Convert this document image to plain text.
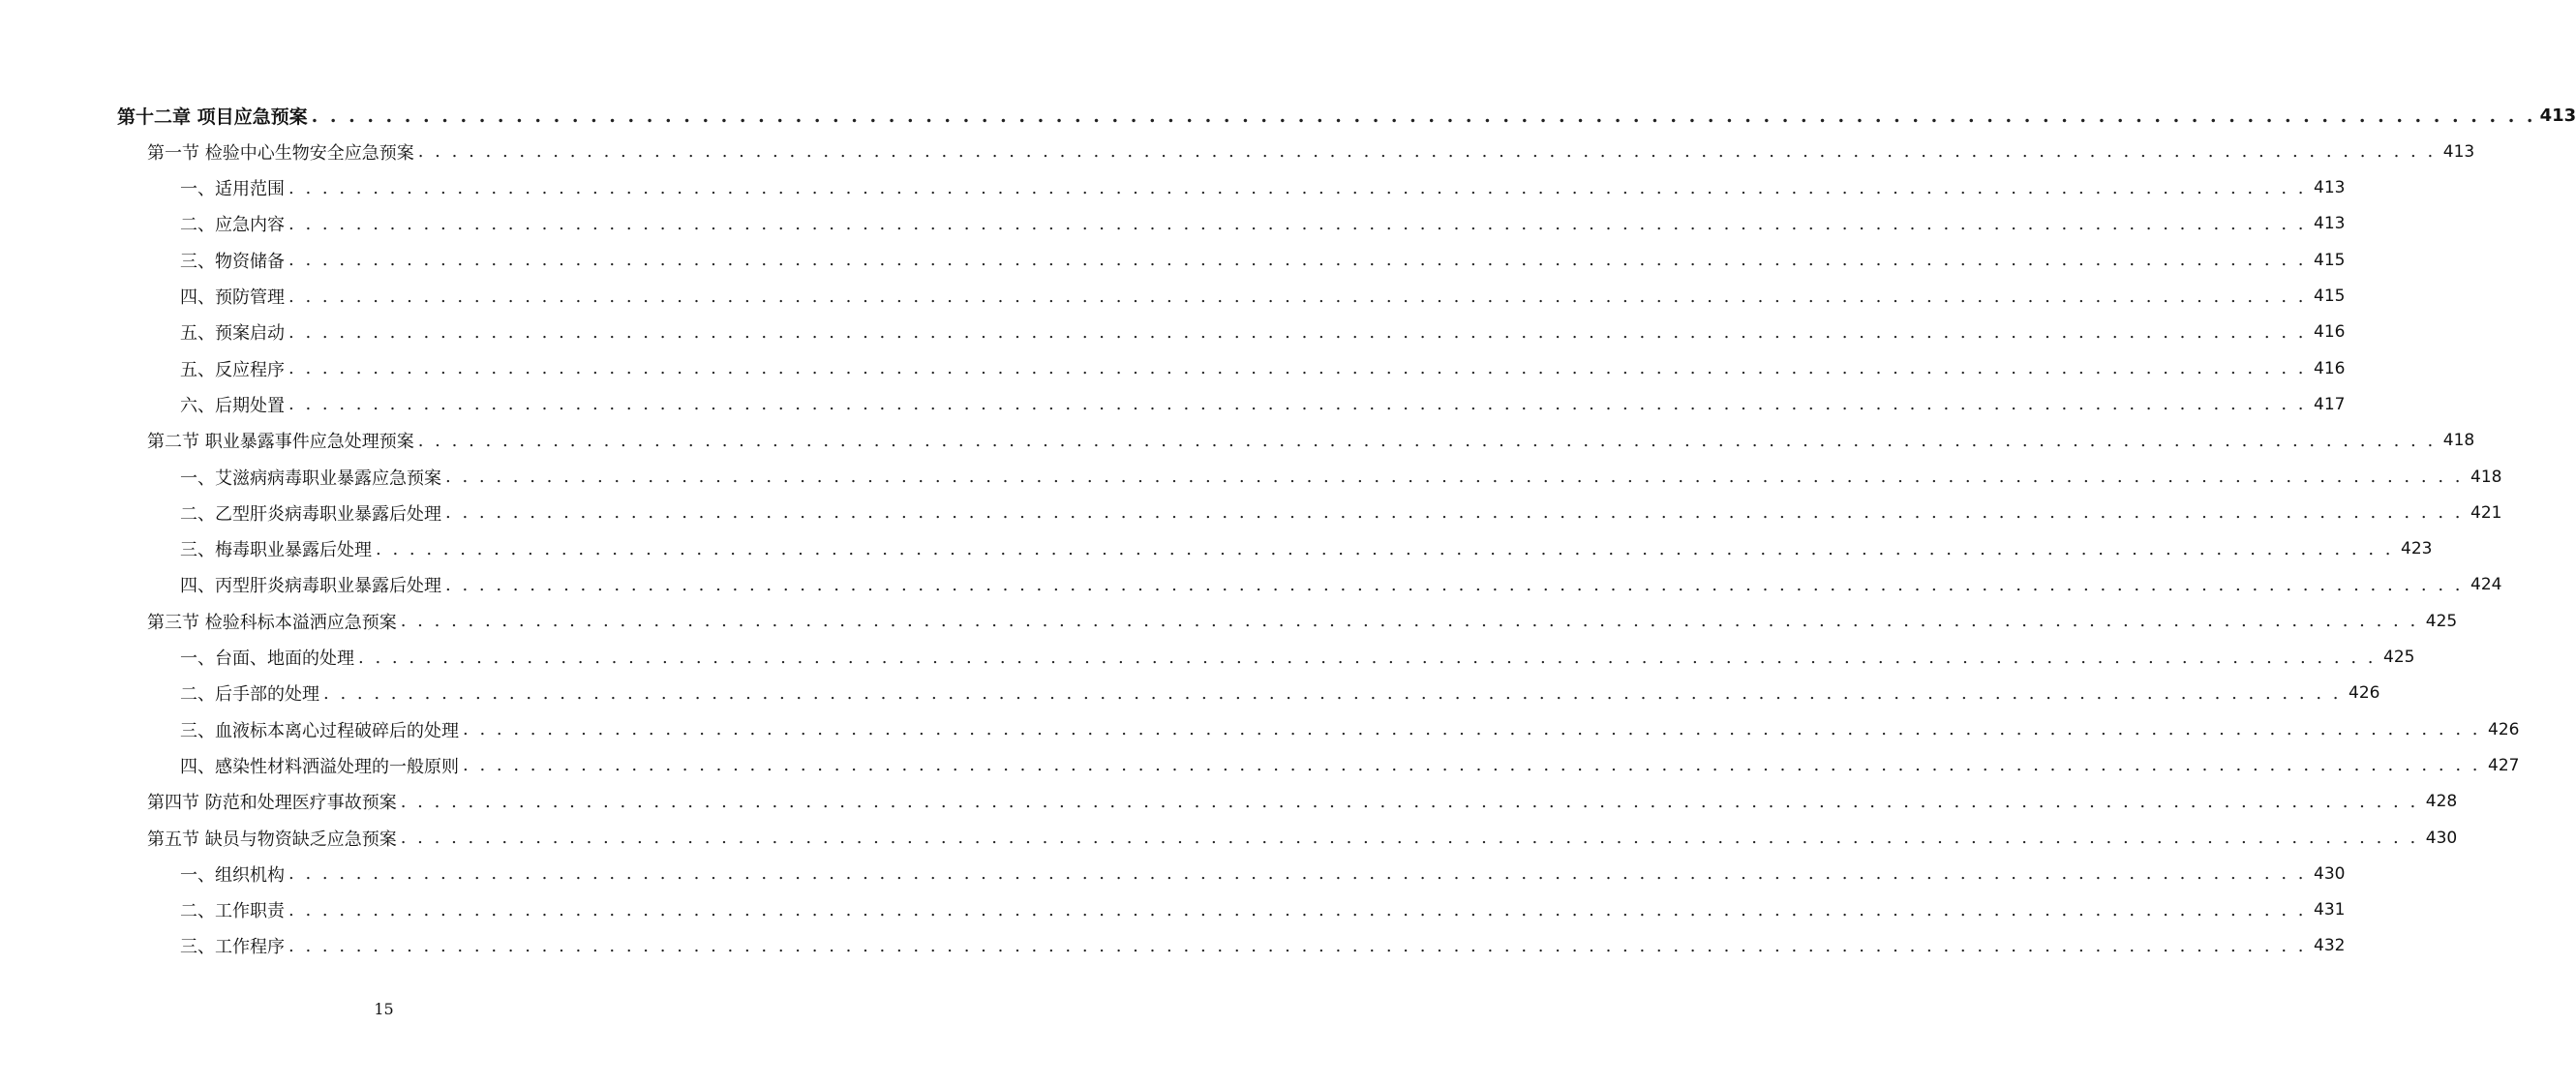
第十二章 项目应急预案 . . . . . . . . . . . . . . . . . . . . . . . . . . . . . . . . . . . . . . . . . . . . . . . . . . . . . . . . . . . . . . . . . . . . . . . . . . . . . . . . . . . . . . . . . . . . . . . . . . . . . . . . . . . . . . . . . . . . . . . . 413
第一节 检验中心生物安全应急预案 . . . . . . . . . . . . . . . . . . . . . . . . . . . . . . . . . . . . . . . . . . . . . . . . . . . . . . . . . . . . . . . . . . . . . . . . . . . . . . . . . . . . . . . . . . . . . . . . . . . . . . . . . . . . . . . . . . . . . . . . 413
一、适用范围 . . . . . . . . . . . . . . . . . . . . . . . . . . . . . . . . . . . . . . . . . . . . . . . . . . . . . . . . . . . . . . . . . . . . . . . . . . . . . . . . . . . . . . . . . . . . . . . . . . . . . . . . . . . . . . . . . . . . . . . . 413
二、应急内容 . . . . . . . . . . . . . . . . . . . . . . . . . . . . . . . . . . . . . . . . . . . . . . . . . . . . . . . . . . . . . . . . . . . . . . . . . . . . . . . . . . . . . . . . . . . . . . . . . . . . . . . . . . . . . . . . . . . . . . . . 413
三、物资储备 . . . . . . . . . . . . . . . . . . . . . . . . . . . . . . . . . . . . . . . . . . . . . . . . . . . . . . . . . . . . . . . . . . . . . . . . . . . . . . . . . . . . . . . . . . . . . . . . . . . . . . . . . . . . . . . . . . . . . . . . 415
四、预防管理 . . . . . . . . . . . . . . . . . . . . . . . . . . . . . . . . . . . . . . . . . . . . . . . . . . . . . . . . . . . . . . . . . . . . . . . . . . . . . . . . . . . . . . . . . . . . . . . . . . . . . . . . . . . . . . . . . . . . . . . . 415
五、预案启动 . . . . . . . . . . . . . . . . . . . . . . . . . . . . . . . . . . . . . . . . . . . . . . . . . . . . . . . . . . . . . . . . . . . . . . . . . . . . . . . . . . . . . . . . . . . . . . . . . . . . . . . . . . . . . . . . . . . . . . . . 416
五、反应程序 . . . . . . . . . . . . . . . . . . . . . . . . . . . . . . . . . . . . . . . . . . . . . . . . . . . . . . . . . . . . . . . . . . . . . . . . . . . . . . . . . . . . . . . . . . . . . . . . . . . . . . . . . . . . . . . . . . . . . . . . 416
六、后期处置 . . . . . . . . . . . . . . . . . . . . . . . . . . . . . . . . . . . . . . . . . . . . . . . . . . . . . . . . . . . . . . . . . . . . . . . . . . . . . . . . . . . . . . . . . . . . . . . . . . . . . . . . . . . . . . . . . . . . . . . . 417
第二节 职业暴露事件应急处理预案 . . . . . . . . . . . . . . . . . . . . . . . . . . . . . . . . . . . . . . . . . . . . . . . . . . . . . . . . . . . . . . . . . . . . . . . . . . . . . . . . . . . . . . . . . . . . . . . . . . . . . . . . . . . . . . . . . . . . . . . . 418
一、艾滋病病毒职业暴露应急预案 . . . . . . . . . . . . . . . . . . . . . . . . . . . . . . . . . . . . . . . . . . . . . . . . . . . . . . . . . . . . . . . . . . . . . . . . . . . . . . . . . . . . . . . . . . . . . . . . . . . . . . . . . . . . . . . . . . . . . . . . 418
二、乙型肝炎病毒职业暴露后处理 . . . . . . . . . . . . . . . . . . . . . . . . . . . . . . . . . . . . . . . . . . . . . . . . . . . . . . . . . . . . . . . . . . . . . . . . . . . . . . . . . . . . . . . . . . . . . . . . . . . . . . . . . . . . . . . . . . . . . . . . 421
三、梅毒职业暴露后处理 . . . . . . . . . . . . . . . . . . . . . . . . . . . . . . . . . . . . . . . . . . . . . . . . . . . . . . . . . . . . . . . . . . . . . . . . . . . . . . . . . . . . . . . . . . . . . . . . . . . . . . . . . . . . . . . . . . . . . . . . 423
四、丙型肝炎病毒职业暴露后处理 . . . . . . . . . . . . . . . . . . . . . . . . . . . . . . . . . . . . . . . . . . . . . . . . . . . . . . . . . . . . . . . . . . . . . . . . . . . . . . . . . . . . . . . . . . . . . . . . . . . . . . . . . . . . . . . . . . . . . . . . 424
第三节 检验科标本溢洒应急预案 . . . . . . . . . . . . . . . . . . . . . . . . . . . . . . . . . . . . . . . . . . . . . . . . . . . . . . . . . . . . . . . . . . . . . . . . . . . . . . . . . . . . . . . . . . . . . . . . . . . . . . . . . . . . . . . . . . . . . . . . 425
一、台面、地面的处理 . . . . . . . . . . . . . . . . . . . . . . . . . . . . . . . . . . . . . . . . . . . . . . . . . . . . . . . . . . . . . . . . . . . . . . . . . . . . . . . . . . . . . . . . . . . . . . . . . . . . . . . . . . . . . . . . . . . . . . . . 425
二、后手部的处理 . . . . . . . . . . . . . . . . . . . . . . . . . . . . . . . . . . . . . . . . . . . . . . . . . . . . . . . . . . . . . . . . . . . . . . . . . . . . . . . . . . . . . . . . . . . . . . . . . . . . . . . . . . . . . . . . . . . . . . . . 426
三、血液标本离心过程破碎后的处理 . . . . . . . . . . . . . . . . . . . . . . . . . . . . . . . . . . . . . . . . . . . . . . . . . . . . . . . . . . . . . . . . . . . . . . . . . . . . . . . . . . . . . . . . . . . . . . . . . . . . . . . . . . . . . . . . . . . . . . . . 426
四、感染性材料洒溢处理的一般原则 . . . . . . . . . . . . . . . . . . . . . . . . . . . . . . . . . . . . . . . . . . . . . . . . . . . . . . . . . . . . . . . . . . . . . . . . . . . . . . . . . . . . . . . . . . . . . . . . . . . . . . . . . . . . . . . . . . . . . . . . 427
第四节 防范和处理医疗事故预案 . . . . . . . . . . . . . . . . . . . . . . . . . . . . . . . . . . . . . . . . . . . . . . . . . . . . . . . . . . . . . . . . . . . . . . . . . . . . . . . . . . . . . . . . . . . . . . . . . . . . . . . . . . . . . . . . . . . . . . . . 428
第五节 缺员与物资缺乏应急预案 . . . . . . . . . . . . . . . . . . . . . . . . . . . . . . . . . . . . . . . . . . . . . . . . . . . . . . . . . . . . . . . . . . . . . . . . . . . . . . . . . . . . . . . . . . . . . . . . . . . . . . . . . . . . . . . . . . . . . . . . 430
一、组织机构 . . . . . . . . . . . . . . . . . . . . . . . . . . . . . . . . . . . . . . . . . . . . . . . . . . . . . . . . . . . . . . . . . . . . . . . . . . . . . . . . . . . . . . . . . . . . . . . . . . . . . . . . . . . . . . . . . . . . . . . . 430
二、工作职责 . . . . . . . . . . . . . . . . . . . . . . . . . . . . . . . . . . . . . . . . . . . . . . . . . . . . . . . . . . . . . . . . . . . . . . . . . . . . . . . . . . . . . . . . . . . . . . . . . . . . . . . . . . . . . . . . . . . . . . . . 431
三、工作程序 . . . . . . . . . . . . . . . . . . . . . . . . . . . . . . . . . . . . . . . . . . . . . . . . . . . . . . . . . . . . . . . . . . . . . . . . . . . . . . . . . . . . . . . . . . . . . . . . . . . . . . . . . . . . . . . . . . . . . . . . 432
15
